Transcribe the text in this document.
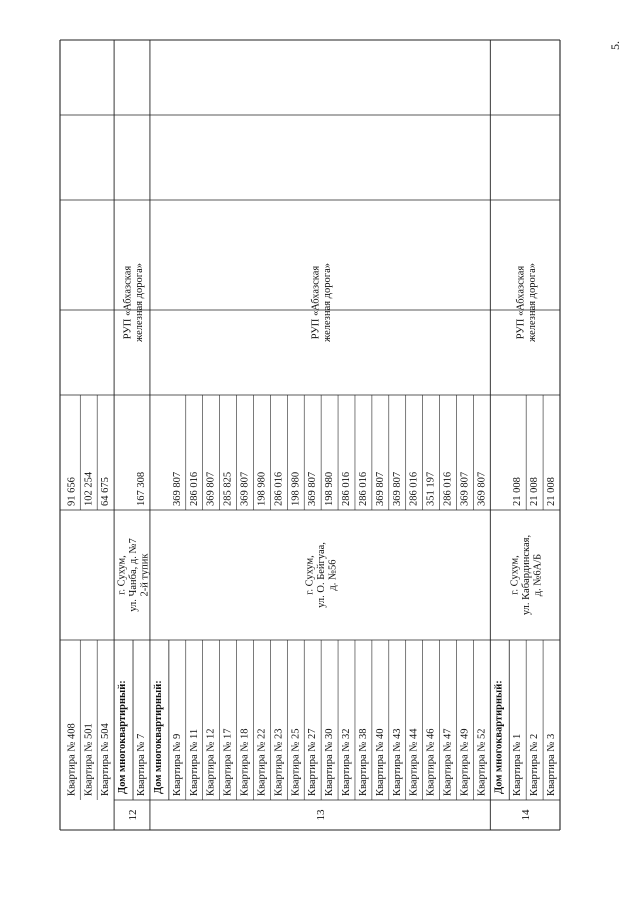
5.
12
г. Сухум, ул. Чанба, д. №7 2-й тупик
РУП «Абхазская железная дорога»
13
г. Сухум, ул. О. Бейгуаа, д. №56
РУП «Абхазская железная дорога»
14
г. Сухум, ул. Кабардинская, д. №6А/Б
РУП «Абхазская железная дорога»
Квартира № 408
91 656
Квартира № 501
102 254
Квартира № 504
64 675
Дом многоквартирный: Квартира № 7
167 308
Дом многоквартирный: Квартира № 9
369 807
Квартира № 11
286 016
Квартира № 12
369 807
Квартира № 17
285 825
Квартира № 18
369 807
Квартира № 22
198 980
Квартира № 23
286 016
Квартира № 25
198 980
Квартира № 27
369 807
Квартира № 30
198 980
Квартира № 32
286 016
Квартира № 38
286 016
Квартира № 40
369 807
Квартира № 43
369 807
Квартира № 44
286 016
Квартира № 46
351 197
Квартира № 47
286 016
Квартира № 49
369 807
Квартира № 52
369 807
Дом многоквартирный: Квартира № 1
21 008
Квартира № 2
21 008
Квартира № 3
21 008
